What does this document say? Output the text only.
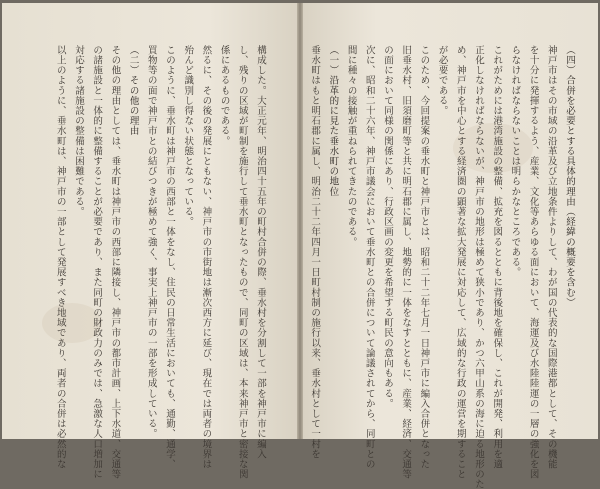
構成した。大正元年、明治四十五年の町村合併の際、垂水村を分割して一部を神戸市に編入
し、残りの区域が町制を施行して垂水町となったもので、同町の区域は、本来神戸市と密接な関
係にあるものである。
然るに、その後の発展にともない、神戸市の市街地は漸次西方に延び、現在では両者の境界は
殆んど識別し得ない状態となっている。
このように、垂水町は神戸市の西部と一体をなし、住民の日常生活においても、通勤、通学、
買物等の面で神戸市との結びつきが極めて強く、事実上神戸市の一部を形成している。
（二）その他の理由
その他の理由としては、垂水町は神戸市の西部に隣接し、神戸市の都市計画、上下水道、交通等
の諸施設と一体的に整備することが必要であり、また同町の財政力のみでは、急激な人口増加に
対応する諸施設の整備は困難である。
以上のように、垂水町は、神戸市の一部として発展すべき地域であり、両者の合併は必然的な	（四）合併を必要とする具体的理由（経緯の概要を含む）
神戸市はその市域の沿革及び立地条件よりして、わが国の代表的な国際港都として、その機能
を十分に発揮するよう、産業、文化等あらゆる面において、海運及び水陸陸運の一層の強化を図
らなければならないことは明らかなところである。
これがためには港湾施設の整備、拡充を図るとともに背後地を確保し、これが開発、利用を適
正化しなければならないが、神戸市の地形は極めて狭小であり、かつ六甲山系の海に迫る地形のた
め、神戸市を中心とする経済圏の顕著な拡大発展に対応して、広域的な行政の運営を期すること
が必要である。
このため、今回提案の垂水町と神戸市とは、昭和二十二年七月一日神戸市に編入合併となった
旧垂水村、旧須磨町等と共に明石郡に属し、地勢的に一体をなすとともに、産業、経済、交通等
の面において同様の関係にあり、行政区画の変更を希望する町民の意向もある。
次に、昭和二十六年、神戸市議会において垂水町との合併について論議されてから、同町との
間に種々の接触が重ねられてきたのである。
（一）沿革的に見た垂水町の地位
垂水町はもと明石郡に属し、明治二十二年四月一日町村制の施行以来、垂水村として一村を
